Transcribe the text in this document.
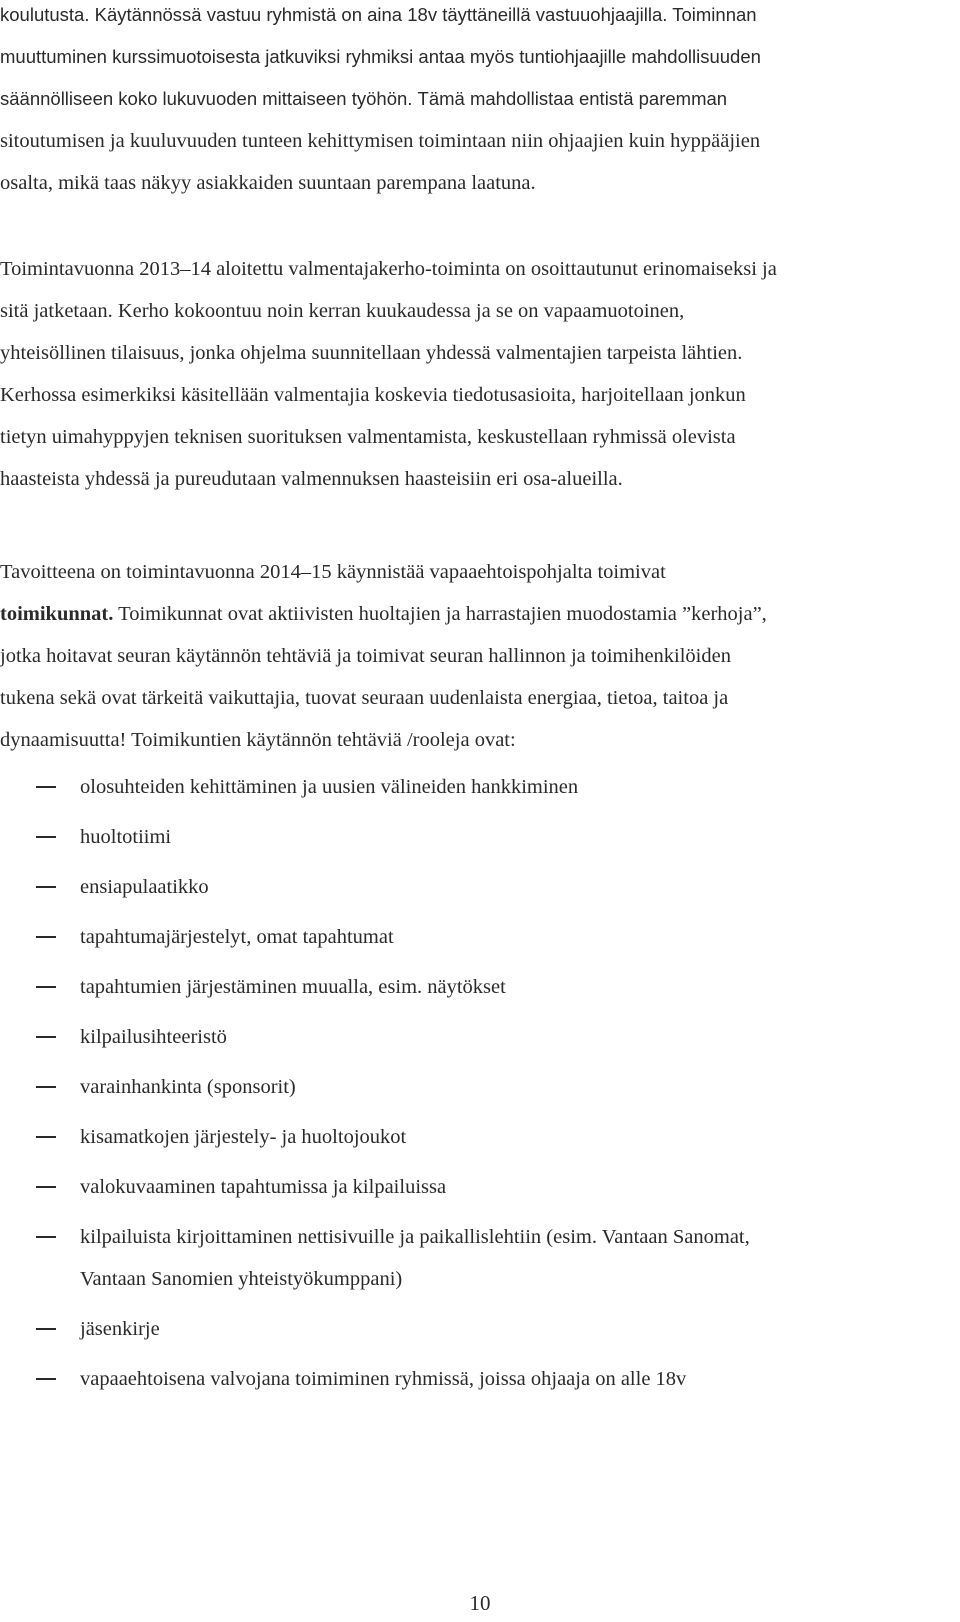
koulutusta. Käytännössä vastuu ryhmistä on aina 18v täyttäneillä vastuuohjaajilla. Toiminnan
muuttuminen kurssimuotoisesta jatkuviksi ryhmiksi antaa myös tuntiohjaajille mahdollisuuden
säännölliseen koko lukuvuoden mittaiseen työhön. Tämä mahdollistaa entistä paremman
sitoutumisen ja kuuluvuuden tunteen kehittymisen toimintaan niin ohjaajien kuin hyppääjien
osalta, mikä taas näkyy asiakkaiden suuntaan parempana laatuna.
Toimintavuonna 2013–14 aloitettu valmentajakerho-toiminta on osoittautunut erinomaiseksi ja
sitä jatketaan. Kerho kokoontuu noin kerran kuukaudessa ja se on vapaamuotoinen,
yhteisöllinen tilaisuus, jonka ohjelma suunnitellaan yhdessä valmentajien tarpeista lähtien.
Kerhossa esimerkiksi käsitellään valmentajia koskevia tiedotusasioita, harjoitellaan jonkun
tietyn uimahyppyjen teknisen suorituksen valmentamista, keskustellaan ryhmissä olevista
haasteista yhdessä ja pureudutaan valmennuksen haasteisiin eri osa-alueilla.
Tavoitteena on toimintavuonna 2014–15 käynnistää vapaaehtoispohjalta toimivat
toimikunnat. Toimikunnat ovat aktiivisten huoltajien ja harrastajien muodostamia ”kerhoja”,
jotka hoitavat seuran käytännön tehtäviä ja toimivat seuran hallinnon ja toimihenkilöiden
tukena sekä ovat tärkeitä vaikuttajia, tuovat seuraan uudenlaista energiaa, tietoa, taitoa ja
dynaamisuutta! Toimikuntien käytännön tehtäviä /rooleja ovat:
olosuhteiden kehittäminen ja uusien välineiden hankkiminen
huoltotiimi
ensiapulaatikko
tapahtumajärjestelyt, omat tapahtumat
tapahtumien järjestäminen muualla, esim. näytökset
kilpailusihteeristö
varainhankinta (sponsorit)
kisamatkojen järjestely- ja huoltojoukot
valokuvaaminen tapahtumissa ja kilpailuissa
kilpailuista kirjoittaminen nettisivuille ja paikallislehtiin (esim. Vantaan Sanomat,
Vantaan Sanomien yhteistyökumppani)
jäsenkirje
vapaaehtoisena valvojana toimiminen ryhmissä, joissa ohjaaja on alle 18v
10
